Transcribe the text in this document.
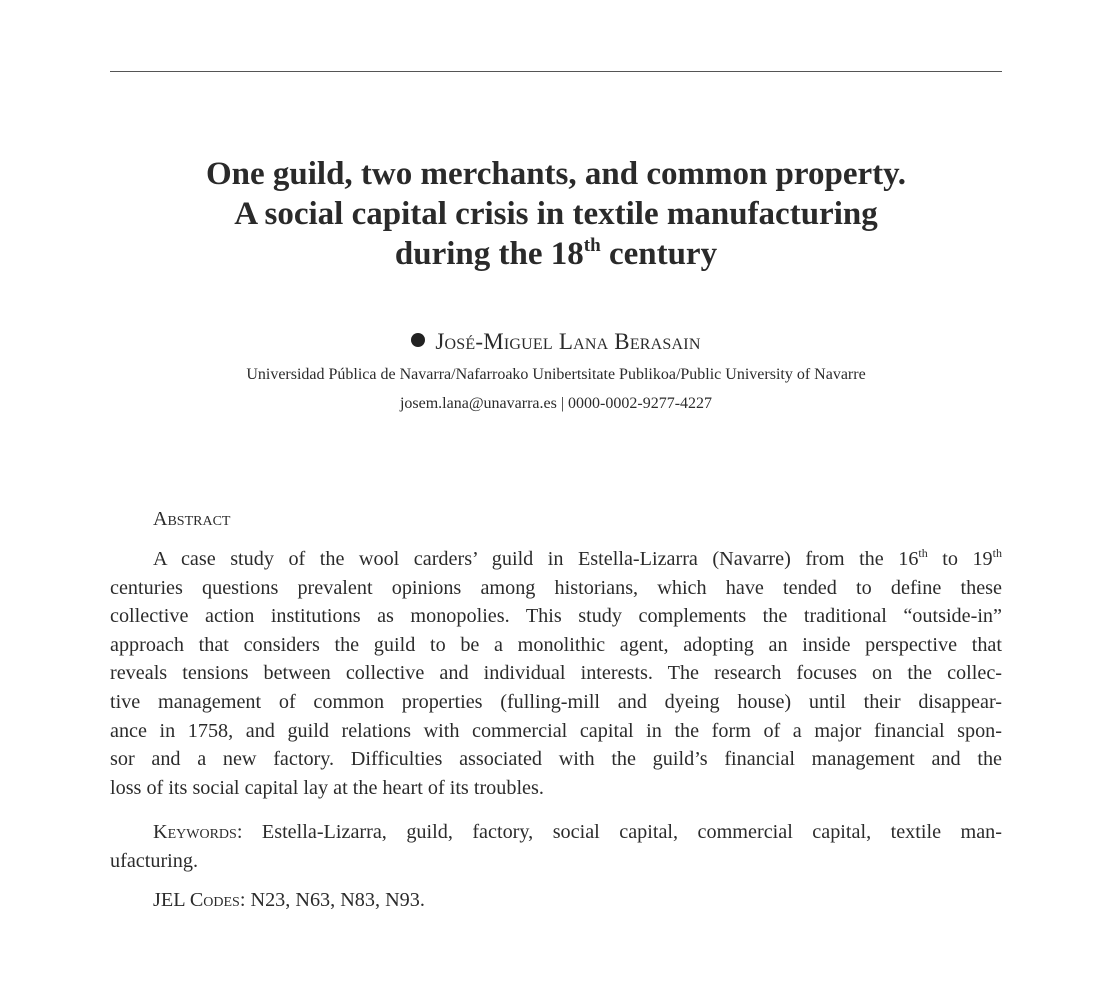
One guild, two merchants, and common property.
A social capital crisis in textile manufacturing
during the 18th century
José-Miguel Lana Berasain
Universidad Pública de Navarra/Nafarroako Unibertsitate Publikoa/Public University of Navarre
josem.lana@unavarra.es | 0000-0002-9277-4227
Abstract
A case study of the wool carders’ guild in Estella-Lizarra (Navarre) from the 16th to 19th
centuries questions prevalent opinions among historians, which have tended to define these
collective action institutions as monopolies. This study complements the traditional “outside-in”
approach that considers the guild to be a monolithic agent, adopting an inside perspective that
reveals tensions between collective and individual interests. The research focuses on the collec-
tive management of common properties (fulling-mill and dyeing house) until their disappear-
ance in 1758, and guild relations with commercial capital in the form of a major financial spon-
sor and a new factory. Difficulties associated with the guild’s financial management and the
loss of its social capital lay at the heart of its troubles.
Keywords: Estella-Lizarra, guild, factory, social capital, commercial capital, textile man-
ufacturing.
JEL Codes: N23, N63, N83, N93.
